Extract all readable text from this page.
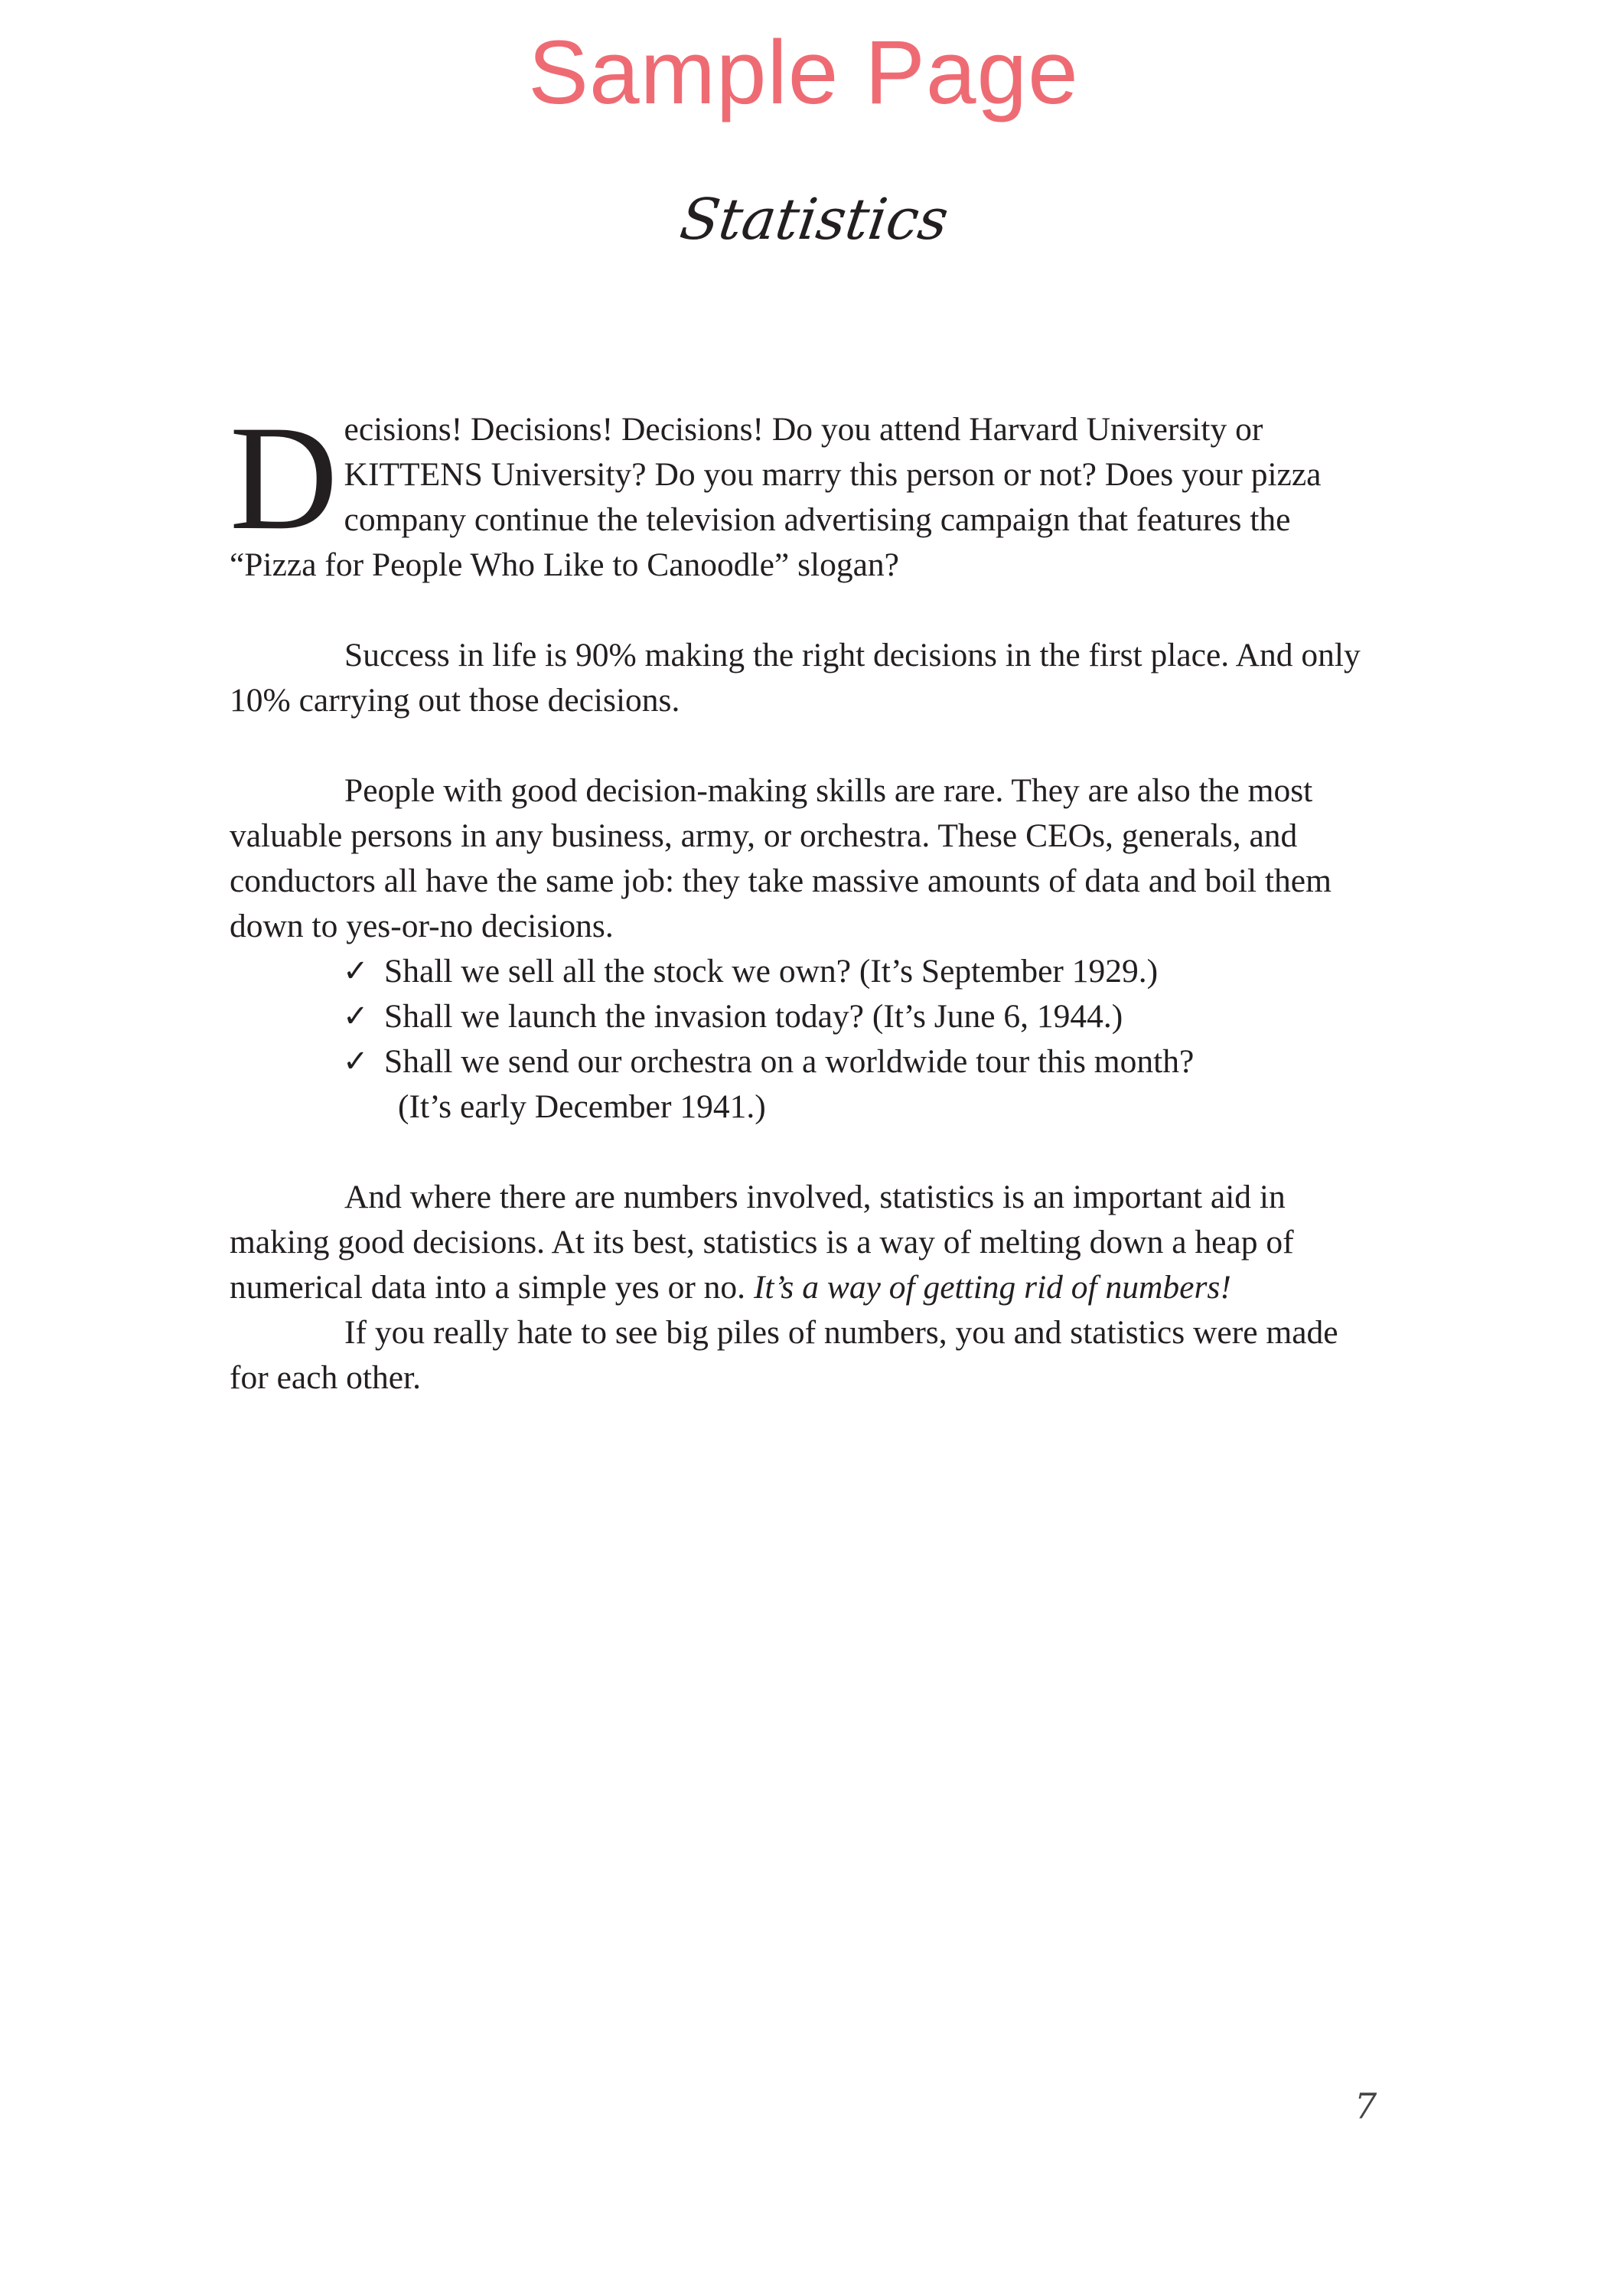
Sample Page
Statistics

Decisions! Decisions! Decisions! Do you attend Harvard University or KITTENS University? Do you marry this person or not? Does your pizza company continue the television advertising campaign that features the “Pizza for People Who Like to Canoodle” slogan?

Success in life is 90% making the right decisions in the first place. And only 10% carrying out those decisions.

People with good decision-making skills are rare. They are also the most valuable persons in any business, army, or orchestra. These CEOs, generals, and conductors all have the same job: they take massive amounts of data and boil them down to yes-or-no decisions.

✓ Shall we sell all the stock we own? (It’s September 1929.)
✓ Shall we launch the invasion today? (It’s June 6, 1944.)
✓ Shall we send our orchestra on a worldwide tour this month?
(It’s early December 1941.)

And where there are numbers involved, statistics is an important aid in making good decisions. At its best, statistics is a way of melting down a heap of numerical data into a simple yes or no. It’s a way of getting rid of numbers!

If you really hate to see big piles of numbers, you and statistics were made for each other.

7
